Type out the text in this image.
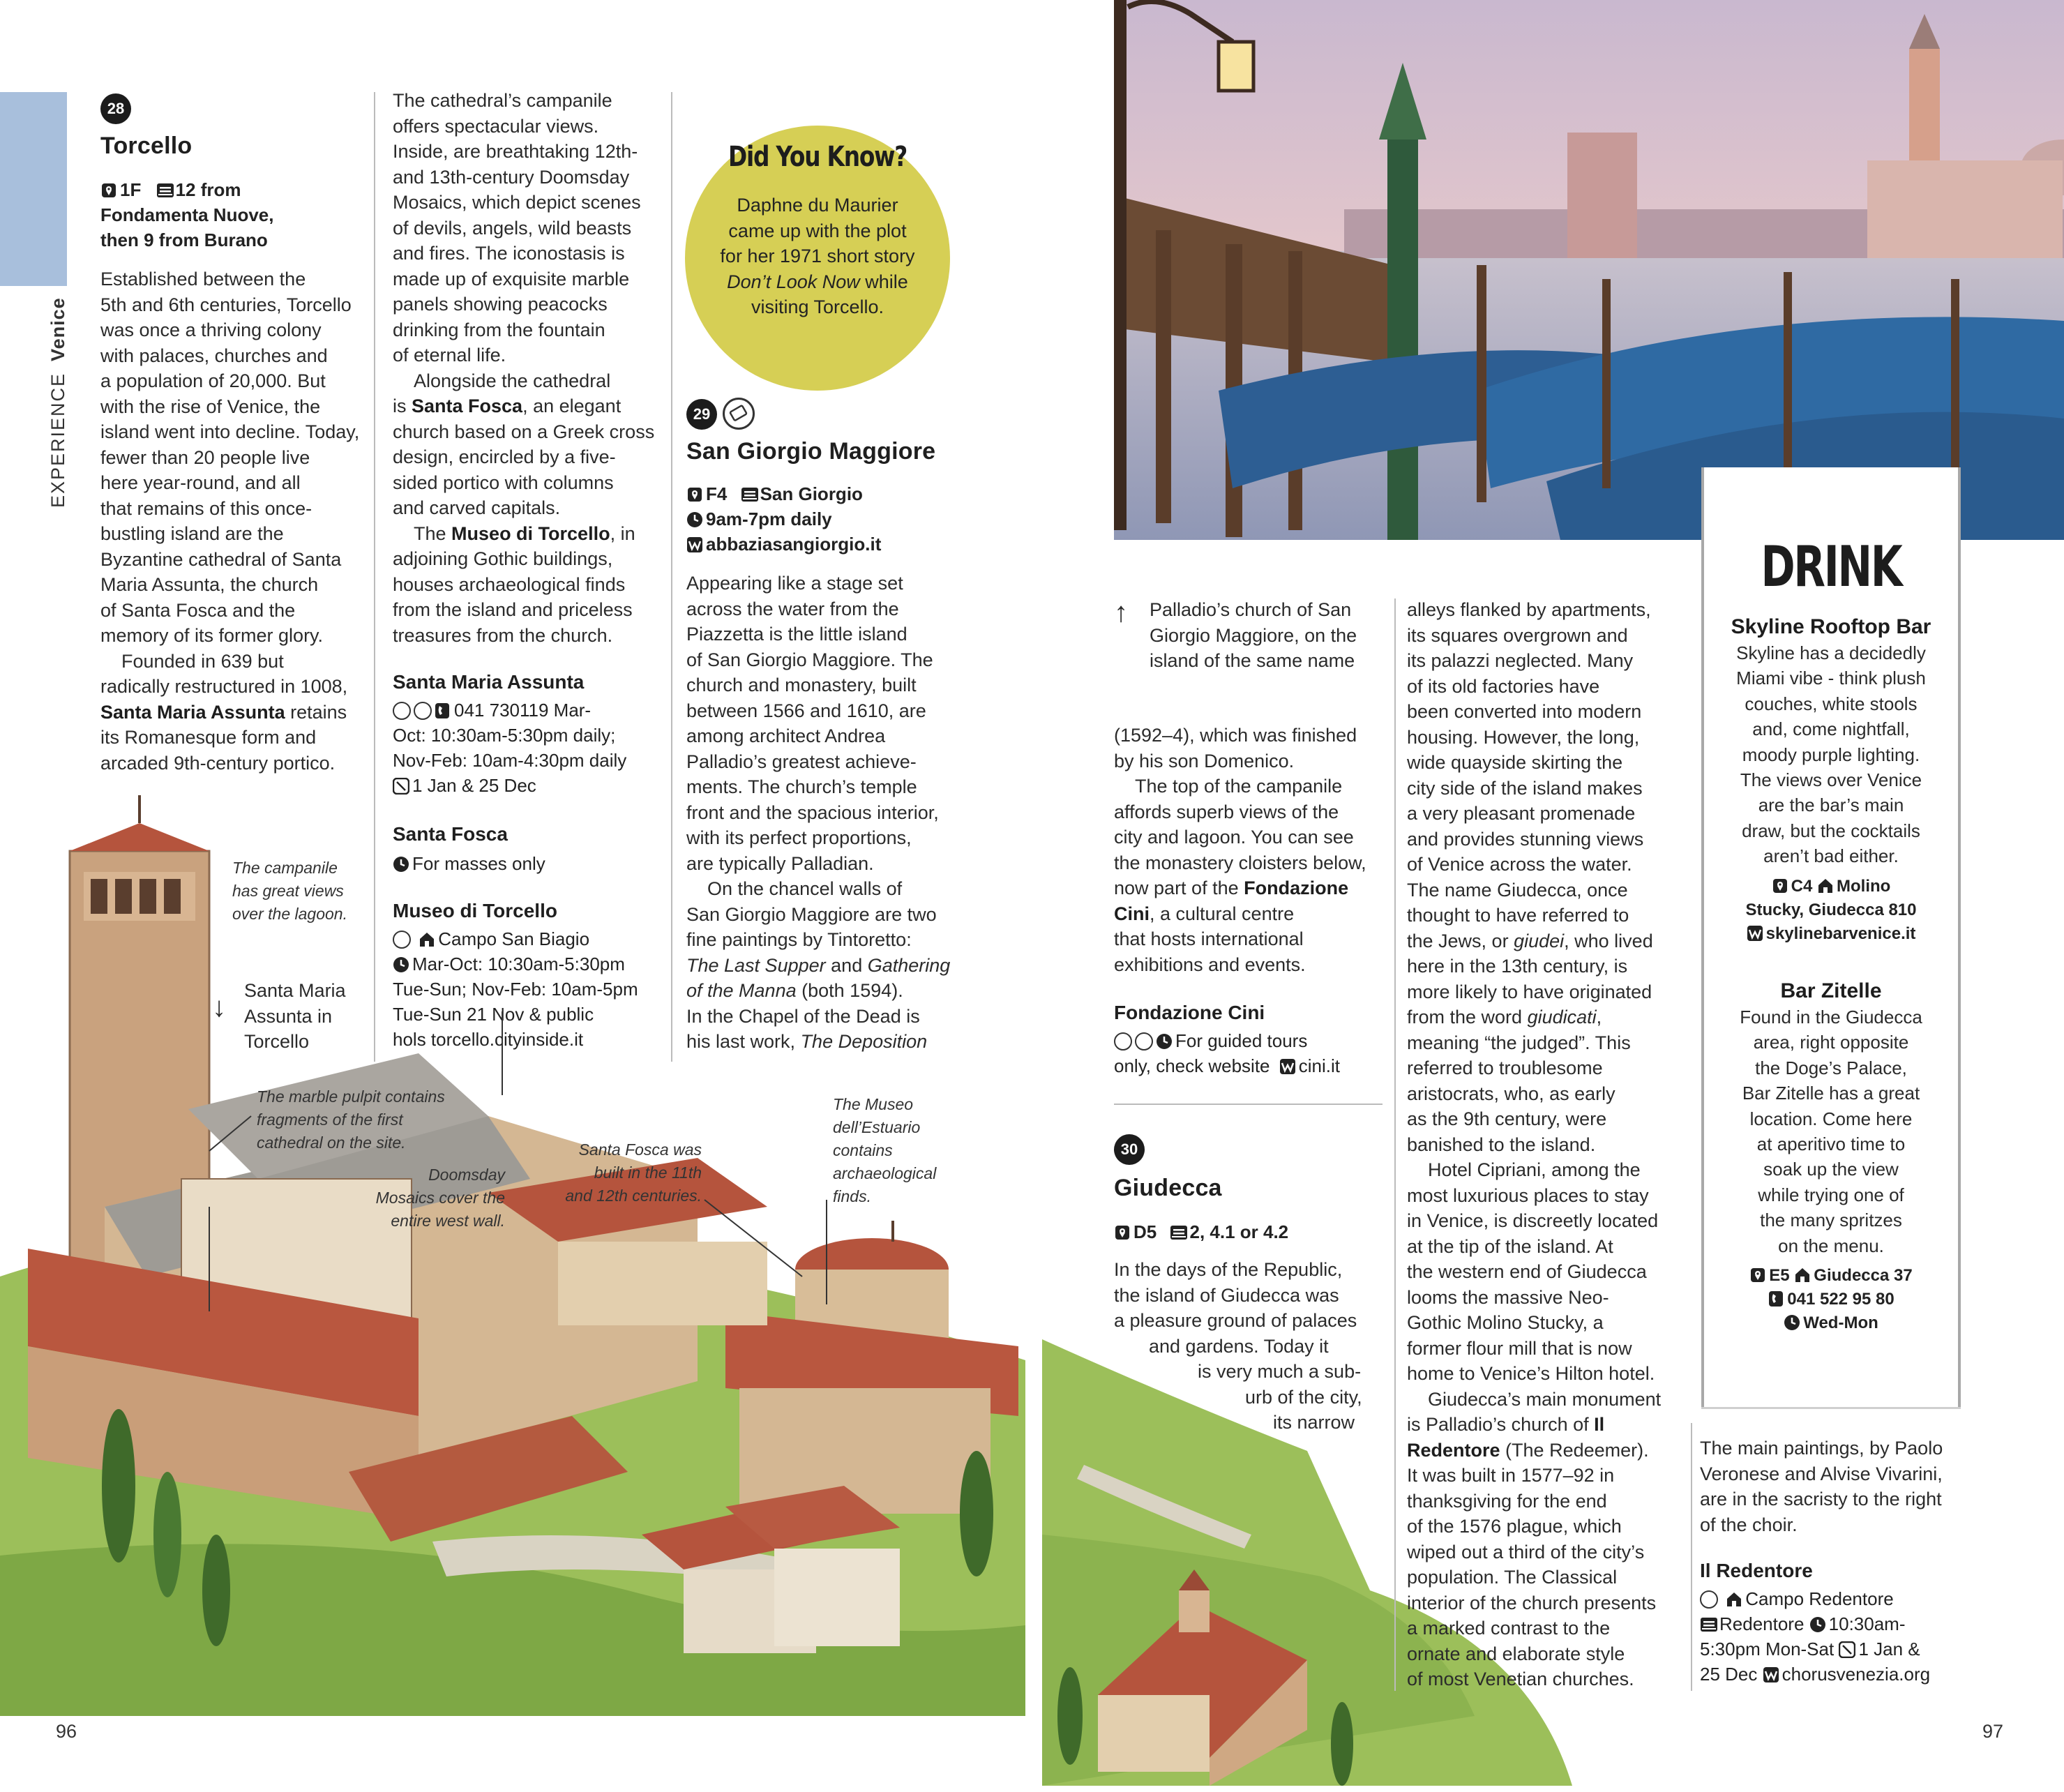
EXPERIENCEVenice
28
Torcello
1F 12 from
Fondamenta Nuove,
then 9 from Burano

Established between the

5th and 6th centuries, Torcello

was once a thriving colony

with palaces, churches and

a population of 20,000. But

with the rise of Venice, the

island went into decline. Today,

fewer than 20 people live

here year-round, and all

that remains of this once-

bustling island are the

Byzantine cathedral of Santa

Maria Assunta, the church

of Santa Fosca and the

memory of its former glory.

Founded in 639 but

radically restructured in 1008,

Santa Maria Assunta retains

its Romanesque form and

arcaded 9th-century portico.

The cathedral’s campanile

offers spectacular views.

Inside, are breathtaking 12th-

and 13th-century Doomsday

Mosaics, which depict scenes

of devils, angels, wild beasts

and fires. The iconostasis is

made up of exquisite marble

panels showing peacocks

drinking from the fountain

of eternal life.

Alongside the cathedral

is Santa Fosca, an elegant

church based on a Greek cross

design, encircled by a five-

sided portico with columns

and carved capitals.

The Museo di Torcello, in

adjoining Gothic buildings,

houses archaeological finds

from the island and priceless

treasures from the church.

Santa Maria Assunta
041 730119 Mar-
Oct: 10:30am-5:30pm daily;
Nov-Feb: 10am-4:30pm daily
1 Jan & 25 Dec
Santa Fosca
For masses only
Museo di Torcello
Campo San Biagio
Mar-Oct: 10:30am-5:30pm
Tue-Sun; Nov-Feb: 10am-5pm
Tue-Sun 21 Nov & public
hols torcello.cityinside.it
Did You Know?
Daphne du Maurier
came up with the plot
for her 1971 short story
Don’t Look Now while
visiting Torcello.
29
San Giorgio Maggiore
F4 San Giorgio
9am-7pm daily
abbaziasangiorgio.it

Appearing like a stage set

across the water from the

Piazzetta is the little island

of San Giorgio Maggiore. The

church and monastery, built

between 1566 and 1610, are

among architect Andrea

Palladio’s greatest achieve-

ments. The church’s temple

front and the spacious interior,

with its perfect proportions,

are typically Palladian.

On the chancel walls of

San Giorgio Maggiore are two

fine paintings by Tintoretto:

The Last Supper and Gathering

of the Manna (both 1594).

In the Chapel of the Dead is

his last work, The Deposition

The campanile
has great views
over the lagoon.
↓
Santa Maria
Assunta in
Torcello
The marble pulpit contains
fragments of the first
cathedral on the site.
Doomsday
Mosaics cover the
entire west wall.
Santa Fosca was
built in the 11th
and 12th centuries.
The Museo
dell’Estuario
contains
archaeological
finds.
96
↑ Palladio’s church of San
Giorgio Maggiore, on the
island of the same name

(1592–4), which was finished

by his son Domenico.

The top of the campanile

affords superb views of the

city and lagoon. You can see

the monastery cloisters below,

now part of the Fondazione

Cini, a cultural centre

that hosts international

exhibitions and events.

Fondazione Cini
For guided tours
only, check website cini.it
30
Giudecca
D5 2, 4.1 or 4.2

In the days of the Republic,

the island of Giudecca was

a pleasure ground of palaces

and gardens. Today it

is very much a sub-

urb of the city,

its narrow

alleys flanked by apartments,

its squares overgrown and

its palazzi neglected. Many

of its old factories have

been converted into modern

housing. However, the long,

wide quayside skirting the

city side of the island makes

a very pleasant promenade

and provides stunning views

of Venice across the water.

The name Giudecca, once

thought to have referred to

the Jews, or giudei, who lived

here in the 13th century, is

more likely to have originated

from the word giudicati,

meaning “the judged”. This

referred to troublesome

aristocrats, who, as early

as the 9th century, were

banished to the island.

Hotel Cipriani, among the

most luxurious places to stay

in Venice, is discreetly located

at the tip of the island. At

the western end of Giudecca

looms the massive Neo-

Gothic Molino Stucky, a

former flour mill that is now

home to Venice’s Hilton hotel.

Giudecca’s main monument

is Palladio’s church of Il

Redentore (The Redeemer).

It was built in 1577–92 in

thanksgiving for the end

of the 1576 plague, which

wiped out a third of the city’s

population. The Classical

interior of the church presents

a marked contrast to the

ornate and elaborate style

of most Venetian churches.

DRINK
Skyline Rooftop Bar
Skyline has a decidedly
Miami vibe - think plush
couches, white stools
and, come nightfall,
moody purple lighting.
The views over Venice
are the bar’s main
draw, but the cocktails
aren’t bad either.
C4 Molino
Stucky, Giudecca 810
skylinebarvenice.it
Bar Zitelle
Found in the Giudecca
area, right opposite
the Doge’s Palace,
Bar Zitelle has a great
location. Come here
at aperitivo time to
soak up the view
while trying one of
the many spritzes
on the menu.
E5 Giudecca 37
041 522 95 80
Wed-Mon

The main paintings, by Paolo

Veronese and Alvise Vivarini,

are in the sacristy to the right

of the choir.

Il Redentore
Campo Redentore
Redentore 10:30am-
5:30pm Mon-Sat 1 Jan &
25 Dec chorusvenezia.org
97
